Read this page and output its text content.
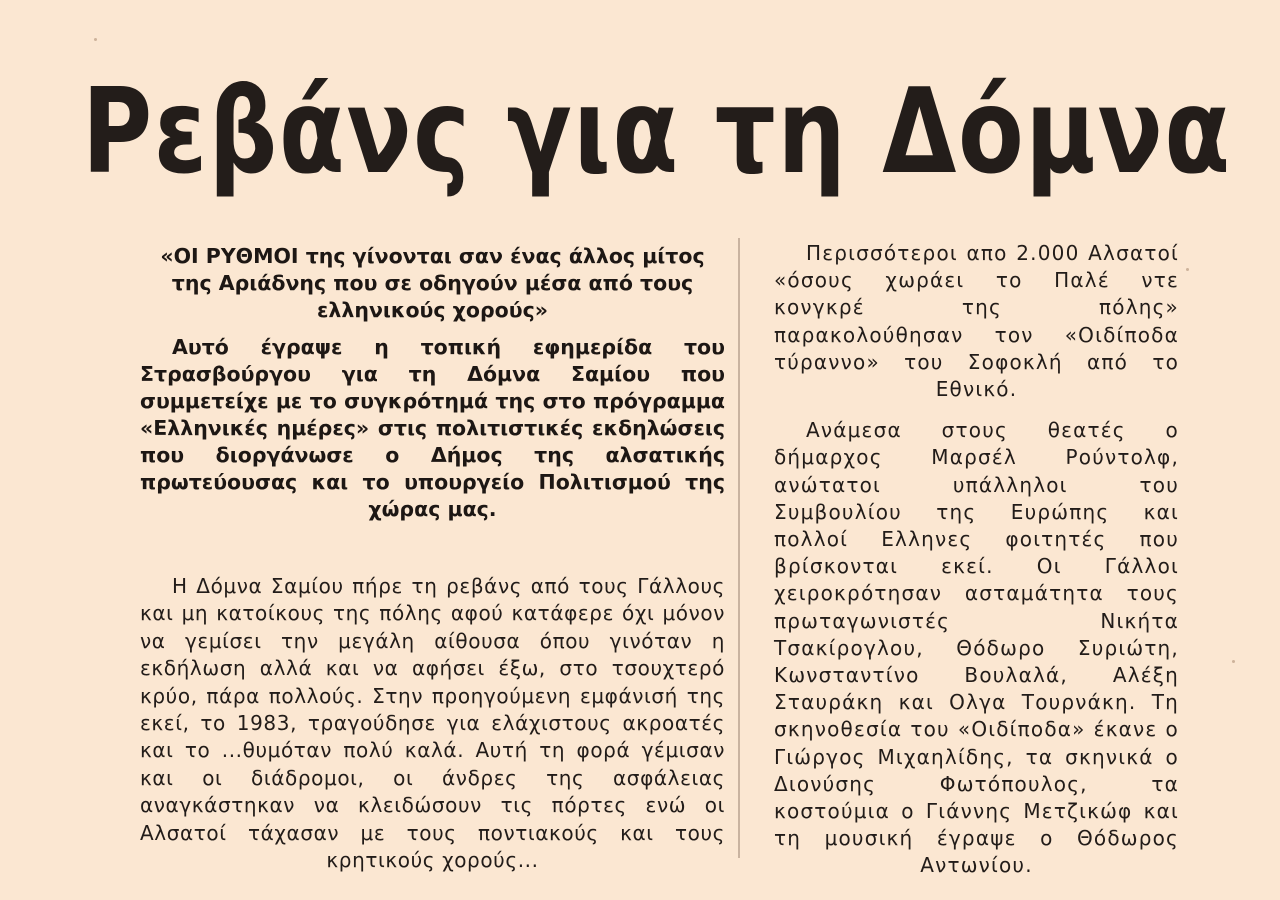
Ρεβάνς για τη Δόμνα

«ΟΙ ΡΥΘΜΟΙ της γίνονται σαν ένας άλλος μίτος της Αριάδνης που σε οδηγούν μέσα από τους ελληνικούς χορούς»

Αυτό έγραψε η τοπική εφημερίδα του Στρασβούργου για τη Δόμνα Σαμίου που συμμετείχε με το συγκρότημά της στο πρόγραμμα «Ελληνικές ημέρες» στις πολιτιστικές εκδηλώσεις που διοργάνωσε ο Δήμος της αλσατικής πρωτεύουσας και το υπουργείο Πολιτισμού της χώρας μας.

Η Δόμνα Σαμίου πήρε τη ρεβάνς από τους Γάλλους και μη κατοίκους της πόλης αφού κατάφερε όχι μόνον να γεμίσει την μεγάλη αίθουσα όπου γινόταν η εκδήλωση αλλά και να αφήσει έξω, στο τσουχτερό κρύο, πάρα πολλούς. Στην προηγούμενη εμφάνισή της εκεί, το 1983, τραγούδησε για ελάχιστους ακροατές και το ...θυμόταν πολύ καλά. Αυτή τη φορά γέμισαν και οι διάδρομοι, οι άνδρες της ασφάλειας αναγκάστηκαν να κλειδώσουν τις πόρτες ενώ οι Αλσατοί τάχασαν με τους ποντιακούς και τους κρητικούς χορούς...

Περισσότεροι απο 2.000 Αλσατοί «όσους χωράει το Παλέ ντε κονγκρέ της πόλης» παρακολούθησαν τον «Οιδίποδα τύραννο» του Σοφοκλή από το Εθνικό.

Ανάμεσα στους θεατές ο δήμαρχος Μαρσέλ Ρούντολφ, ανώτατοι υπάλληλοι του Συμβουλίου της Ευρώπης και πολλοί Ελληνες φοιτητές που βρίσκονται εκεί. Οι Γάλλοι χειροκρότησαν ασταμάτητα τους πρωταγωνιστές Νικήτα Τσακίρογλου, Θόδωρο Συριώτη, Κωνσταντίνο Βουλαλά, Αλέξη Σταυράκη και Ολγα Τουρνάκη. Τη σκηνοθεσία του «Οιδίποδα» έκανε ο Γιώργος Μιχαηλίδης, τα σκηνικά ο Διονύσης Φωτόπουλος, τα κοστούμια ο Γιάννης Μετζικώφ και τη μουσική έγραψε ο Θόδωρος Αντωνίου.
